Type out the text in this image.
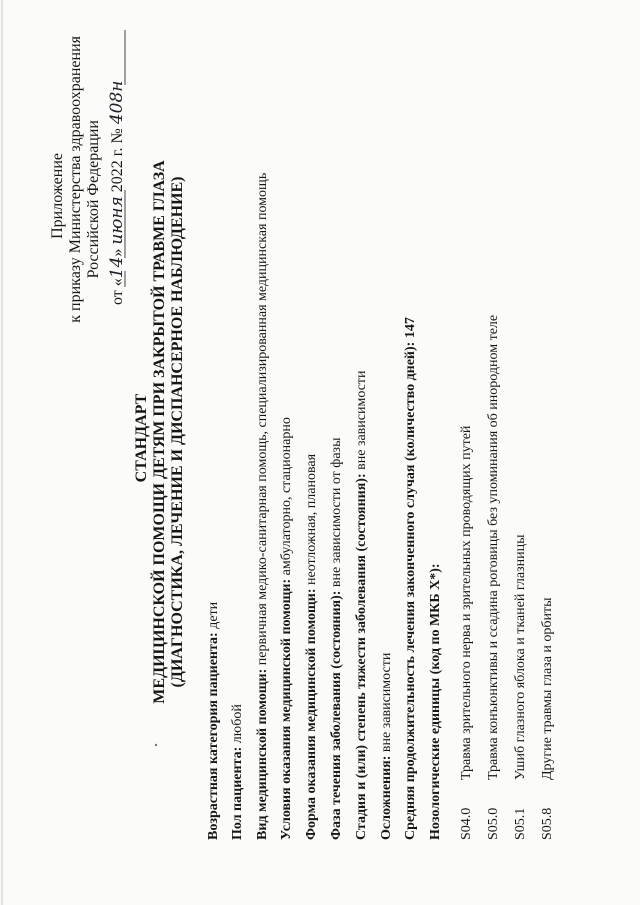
Приложение к приказу Министерства здравоохранения Российской Федерации
от «14» июня 2022 г. № 408н
СТАНДАРТ МЕДИЦИНСКОЙ ПОМОЩИ ДЕТЯМ ПРИ ЗАКРЫТОЙ ТРАВМЕ ГЛАЗА (ДИАГНОСТИКА, ЛЕЧЕНИЕ И ДИСПАНСЕРНОЕ НАБЛЮДЕНИЕ)
Возрастная категория пациента: дети
Пол пациента: любой Вид медицинской помощи: первичная медико-санитарная помощь, специализированная медицинская помощь
Условия оказания медицинской помощи: амбулаторно, стационарно
Форма оказания медицинской помощи: неотложная, плановая
Фаза течения заболевания (состояния): вне зависимости от фазы Стадия и (или) степень тяжести заболевания (состояния): вне зависимости
Осложнения: вне зависимости Средняя продолжительность лечения законченного случая (количество дней): 147
Нозологические единицы (код по МКБ X*): S04.0
Травма зрительного нерва и зрительных проводящих путей
S05.0
Травма конъюнктивы и ссадина роговицы без упоминания об инородном теле
S05.1
Ушиб глазного яблока и тканей глазницы
S05.8
Другие травмы глаза и орбиты
